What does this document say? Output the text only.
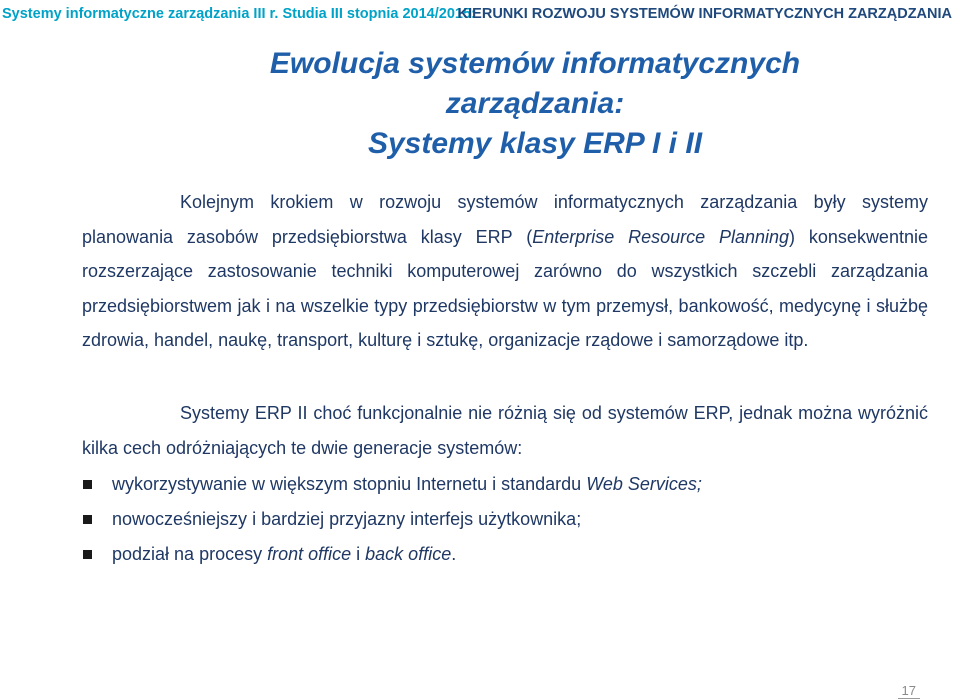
Systemy informatyczne zarządzania III r. Studia III stopnia 2014/2015:
KIERUNKI ROZWOJU SYSTEMÓW INFORMATYCZNYCH ZARZĄDZANIA
Ewolucja systemów informatycznych zarządzania:
Systemy klasy ERP I i II
Kolejnym krokiem w rozwoju systemów informatycznych zarządzania były systemy planowania zasobów przedsiębiorstwa klasy ERP (Enterprise Resource Planning) konsekwentnie rozszerzające zastosowanie techniki komputerowej zarówno do wszystkich szczebli zarządzania przedsiębiorstwem jak i na wszelkie typy przedsiębiorstw w tym przemysł, bankowość, medycynę i służbę zdrowia, handel, naukę, transport, kulturę i sztukę, organizacje rządowe i samorządowe itp.
Systemy ERP II choć funkcjonalnie nie różnią się od systemów ERP, jednak można wyróżnić kilka cech odróżniających te dwie generacje systemów:
wykorzystywanie w większym stopniu Internetu i standardu Web Services;
nowocześniejszy i bardziej przyjazny interfejs użytkownika;
podział na procesy front office i back office.
17
